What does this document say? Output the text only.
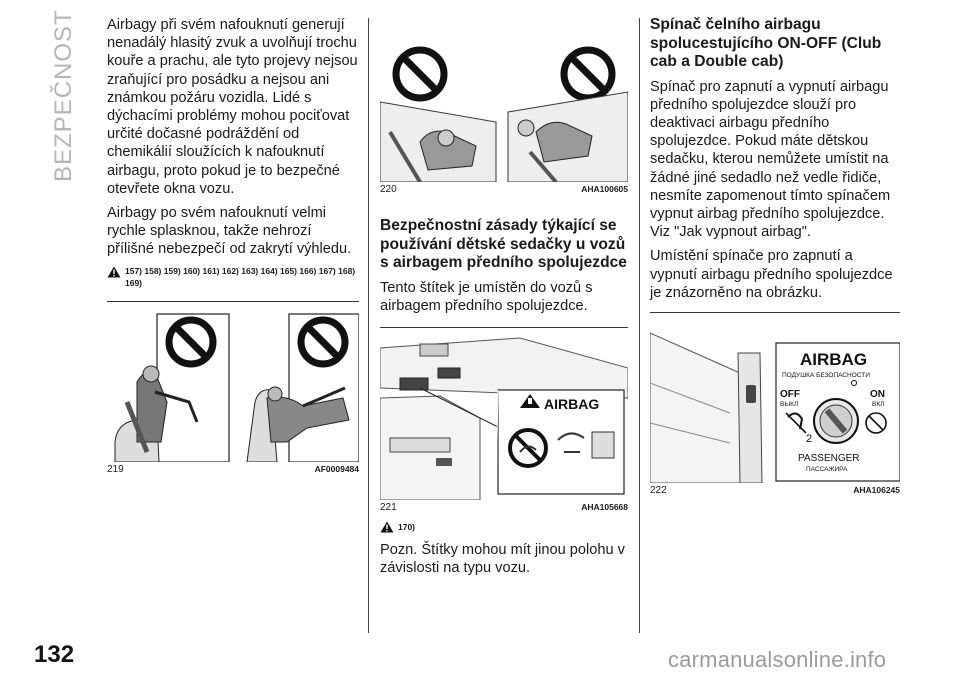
BEZPEČNOST Airbagy při svém nafouknutí generují nenadálý hlasitý zvuk a uvolňují trochu kouře a prachu, ale tyto projevy nejsou zraňující pro posádku a nejsou ani známkou požáru vozidla. Lidé s dýchacími problémy mohou pociťovat určité dočasné podráždění od chemikálií sloužících k nafouknutí airbagu, proto pokud je to bezpečné otevřete okna vozu.

Airbagy po svém nafouknutí velmi rychle splasknou, takže nehrozí přílišné nebezpečí od zakrytí výhledu.

157) 158) 159) 160) 161) 162) 163) 164) 165) 166) 167) 168) 169)
219	AF0009484
220	AHA100605
Bezpečnostní zásady týkající se používání dětské sedačky u vozů s airbagem předního spolujezdce

Tento štítek je umístěn do vozů s airbagem předního spolujezdce.

AIRBAG
221	AHA105668
170)

Pozn. Štítky mohou mít jinou polohu v závislosti na typu vozu.

Spínač čelního airbagu spolucestujícího ON-OFF (Club cab a Double cab)

Spínač pro zapnutí a vypnutí airbagu předního spolujezdce slouží pro deaktivaci airbagu předního spolujezdce. Pokud máte dětskou sedačku, kterou nemůžete umístit na žádné jiné sedadlo než vedle řidiče, nesmíte zapomenout tímto spínačem vypnut airbag předního spolujezdce. Viz "Jak vypnout airbag".

Umístění spínače pro zapnutí a vypnutí airbagu předního spolujezdce je znázorněno na obrázku.

AIRBAG
ПОДУШКА БЕЗОПАСНОСТИ
OFF
ВЫКЛ
ON
ВКЛ
2
PASSENGER
ПАССАЖИРА
222	AHA106245
132	carmanualsonline.info
